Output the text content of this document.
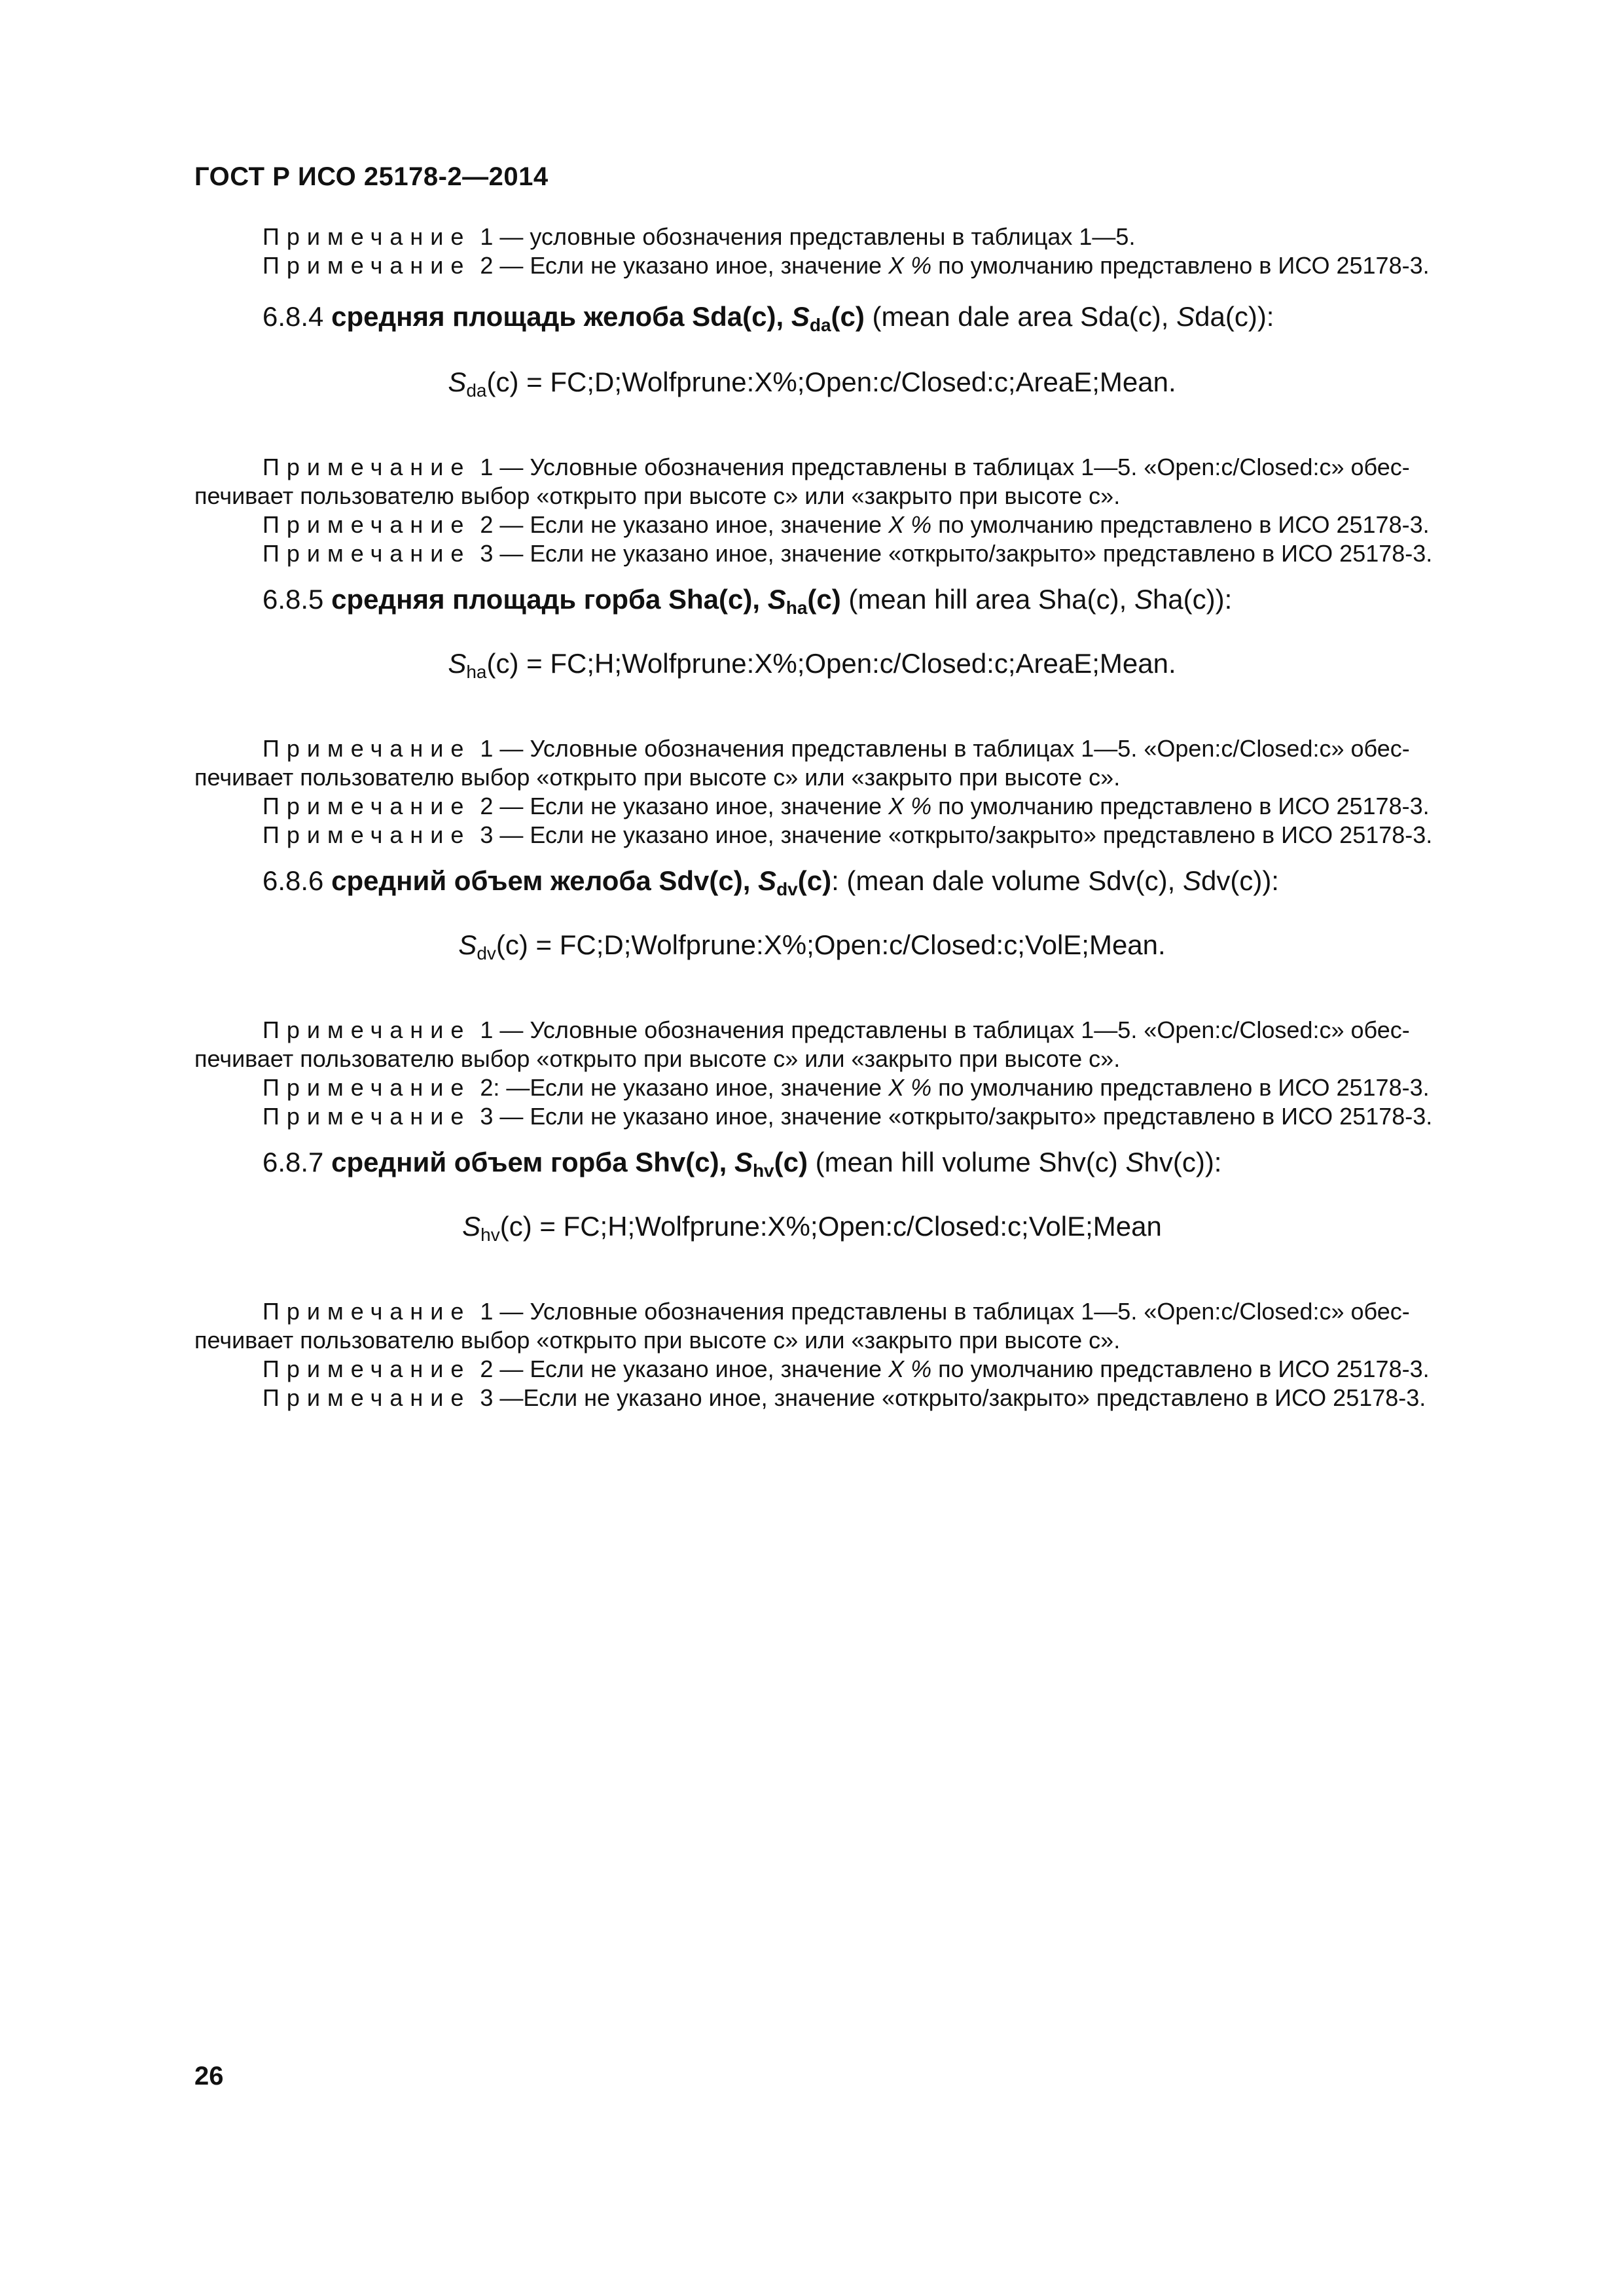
ГОСТ Р ИСО 25178-2—2014
Примечание 1 — условные обозначения представлены в таблицах 1—5.
Примечание 2 — Если не указано иное, значение X % по умолчанию представлено в ИСО 25178-3.
6.8.4 средняя площадь желоба Sda(c), $S_{da}(c)$ (mean dale area Sda(c), Sda(c)):
$S_{da}(c)$ = FC;D;Wolfprune:X%;Open:c/Closed:c;AreaE;Mean.
Примечание 1 — Условные обозначения представлены в таблицах 1—5. «Open:c/Closed:c» обес-
печивает пользователю выбор «открыто при высоте c» или «закрыто при высоте c».
Примечание 2 — Если не указано иное, значение X % по умолчанию представлено в ИСО 25178-3.
Примечание 3 — Если не указано иное, значение «открыто/закрыто» представлено в ИСО 25178-3.
6.8.5 средняя площадь горба Sha(c), $S_{ha}(c)$ (mean hill area Sha(c), Sha(c)):
$S_{ha}(c)$ = FC;H;Wolfprune:X%;Open:c/Closed:c;AreaE;Mean.
Примечание 1 — Условные обозначения представлены в таблицах 1—5. «Open:c/Closed:c» обес-
печивает пользователю выбор «открыто при высоте c» или «закрыто при высоте c».
Примечание 2 — Если не указано иное, значение X % по умолчанию представлено в ИСО 25178-3.
Примечание 3 — Если не указано иное, значение «открыто/закрыто» представлено в ИСО 25178-3.
6.8.6 средний объем желоба Sdv(c), $S_{dv}(c)$: (mean dale volume Sdv(c), Sdv(c)):
$S_{dv}(c)$ = FC;D;Wolfprune:X%;Open:c/Closed:c;VolE;Mean.
Примечание 1 — Условные обозначения представлены в таблицах 1—5. «Open:c/Closed:c» обес-
печивает пользователю выбор «открыто при высоте c» или «закрыто при высоте c».
Примечание 2: —Если не указано иное, значение X % по умолчанию представлено в ИСО 25178-3.
Примечание 3 — Если не указано иное, значение «открыто/закрыто» представлено в ИСО 25178-3.
6.8.7 средний объем горба Shv(c), $S_{hv}(c)$ (mean hill volume Shv(c) Shv(c)):
$S_{hv}(c)$ = FC;H;Wolfprune:X%;Open:c/Closed:c;VolE;Mean
Примечание 1 — Условные обозначения представлены в таблицах 1—5. «Open:c/Closed:c» обес-
печивает пользователю выбор «открыто при высоте c» или «закрыто при высоте c».
Примечание 2 — Если не указано иное, значение X % по умолчанию представлено в ИСО 25178-3.
Примечание 3 —Если не указано иное, значение «открыто/закрыто» представлено в ИСО 25178-3.
26
